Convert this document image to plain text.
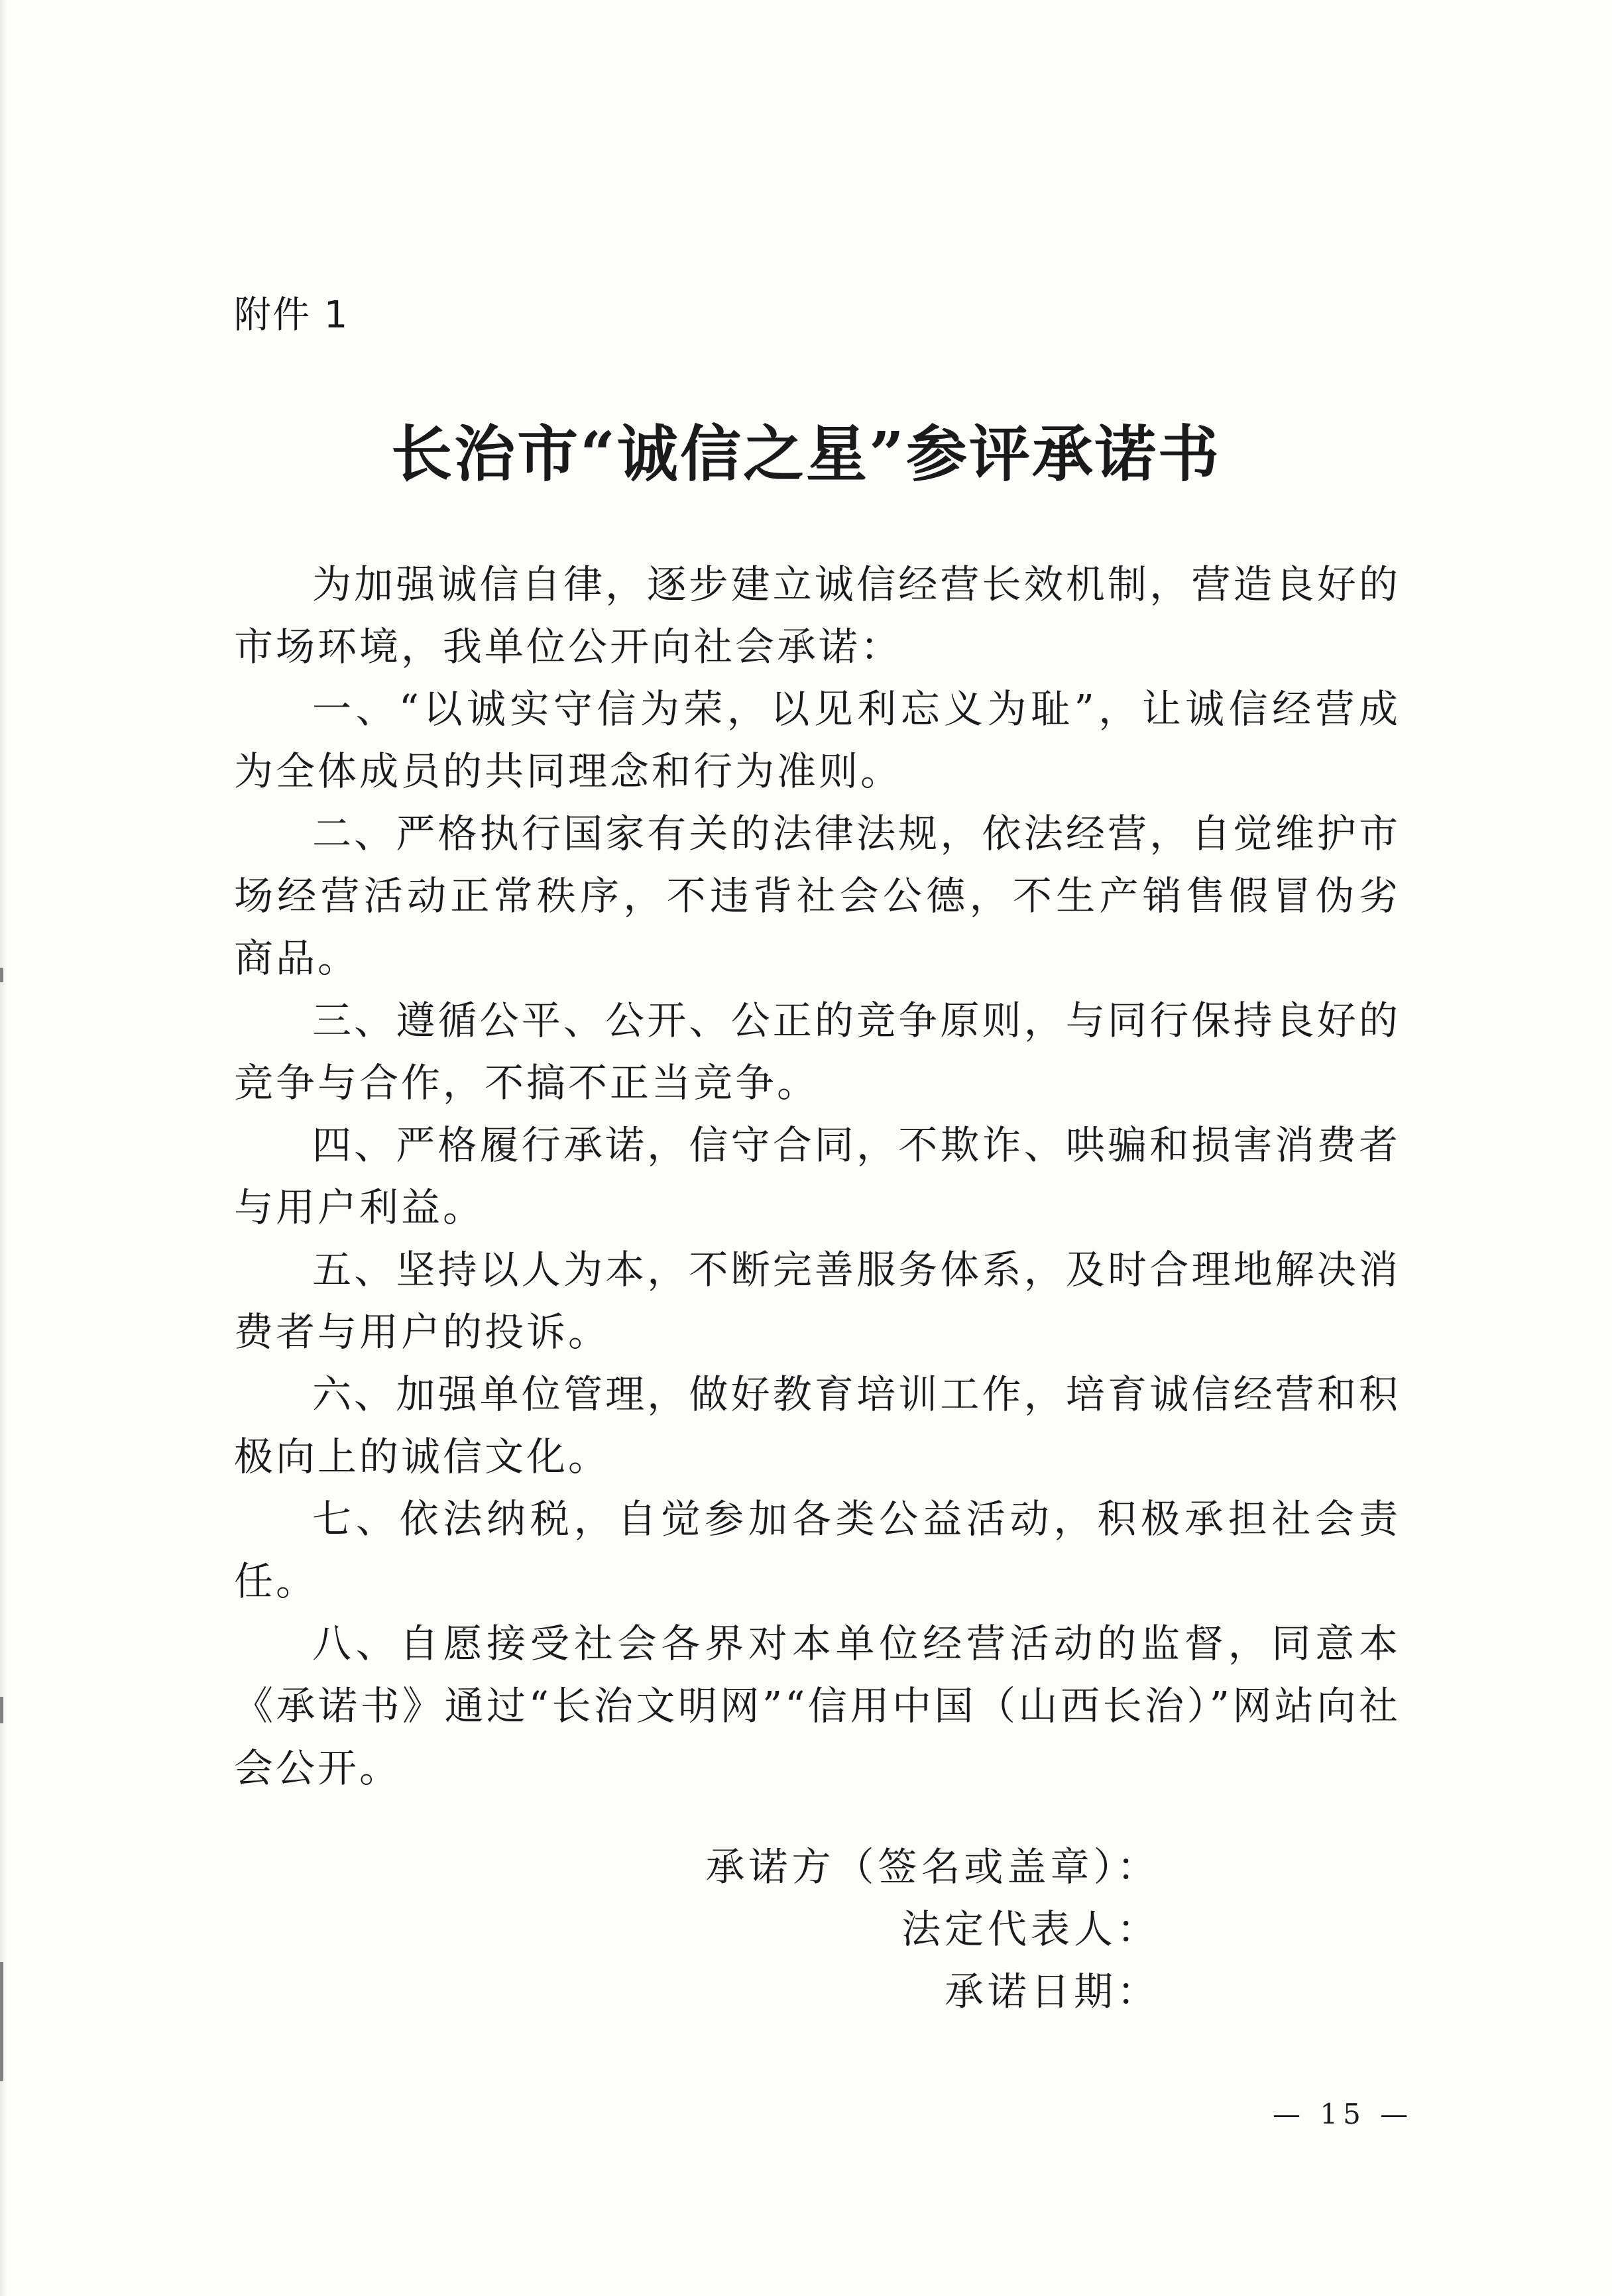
附件 1
长治市“诚信之星”参评承诺书

为加强诚信自律，逐步建立诚信经营长效机制，营造良好的市场环境，我单位公开向社会承诺：

一、“以诚实守信为荣，以见利忘义为耻”，让诚信经营成为全体成员的共同理念和行为准则。

二、严格执行国家有关的法律法规，依法经营，自觉维护市场经营活动正常秩序，不违背社会公德，不生产销售假冒伪劣商品。

三、遵循公平、公开、公正的竞争原则，与同行保持良好的竞争与合作，不搞不正当竞争。

四、严格履行承诺，信守合同，不欺诈、哄骗和损害消费者与用户利益。

五、坚持以人为本，不断完善服务体系，及时合理地解决消费者与用户的投诉。

六、加强单位管理，做好教育培训工作，培育诚信经营和积极向上的诚信文化。

七、依法纳税，自觉参加各类公益活动，积极承担社会责任。

八、自愿接受社会各界对本单位经营活动的监督，同意本《承诺书》通过“长治文明网”“信用中国（山西长治）”网站向社会公开。

承诺方（签名或盖章）：
法定代表人：
承诺日期：
— 15 —
